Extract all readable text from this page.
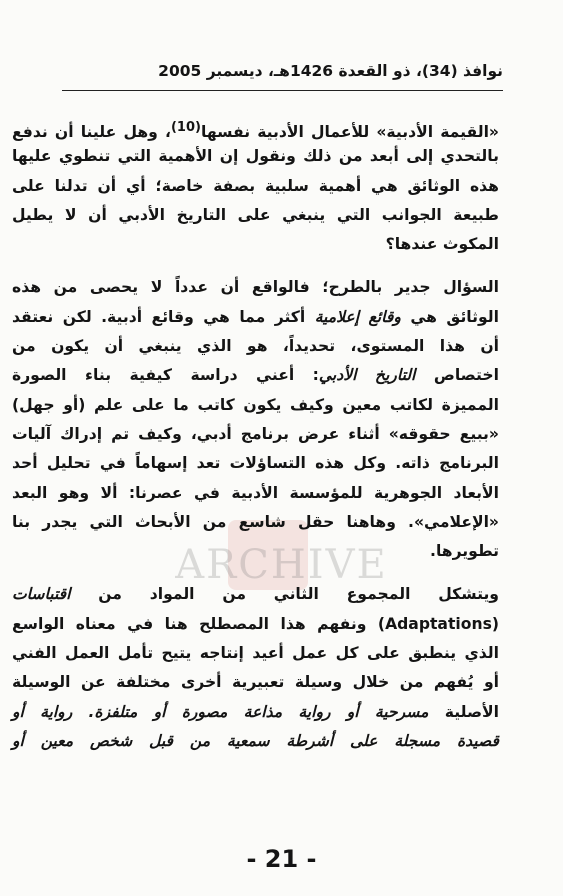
نوافذ (34)، ذو القعدة 1426هـ، ديسمبر 2005
ARCHIVE
«القيمة الأدبية» للأعمال الأدبية نفسها$^{(10)}$، وهل علينا أن ندفع
بالتحدي إلى أبعد من ذلك ونقول إن الأهمية التي تنطوي عليها
هذه الوثائق هي أهمية سلبية بصفة خاصة؛ أي أن تدلنا على
طبيعة الجوانب التي ينبغي على التاريخ الأدبي أن لا يطيل
المكوث عندها؟
السؤال جدير بالطرح؛ فالواقع أن عدداً لا يحصى من هذه
الوثائق هي وقائع إعلامية أكثر مما هي وقائع أدبية. لكن نعتقد
أن هذا المستوى، تحديداً، هو الذي ينبغي أن يكون من
اختصاص التاريخ الأدبي: أعني دراسة كيفية بناء الصورة
المميزة لكاتب معين وكيف يكون كاتب ما على علم (أو جهل)
«ببيع حقوقه» أثناء عرض برنامج أدبي، وكيف تم إدراك آليات
البرنامج ذاته. وكل هذه التساؤلات تعد إسهاماً في تحليل أحد
الأبعاد الجوهرية للمؤسسة الأدبية في عصرنا: ألا وهو البعد
«الإعلامي». وهاهنا حقل شاسع من الأبحاث التي يجدر بنا
تطويرها.
ويتشكل المجموع الثاني من المواد من اقتباسات
(Adaptations) ونفهم هذا المصطلح هنا في معناه الواسع
الذي ينطبق على كل عمل أعيد إنتاجه يتيح تأمل العمل الفني
أو يُفهم من خلال وسيلة تعبيرية أخرى مختلفة عن الوسيلة
الأصلية مسرحية أو رواية مذاعة مصورة أو متلفزة. رواية أو
قصيدة مسجلة على أشرطة سمعية من قبل شخص معين أو
- 21 -
